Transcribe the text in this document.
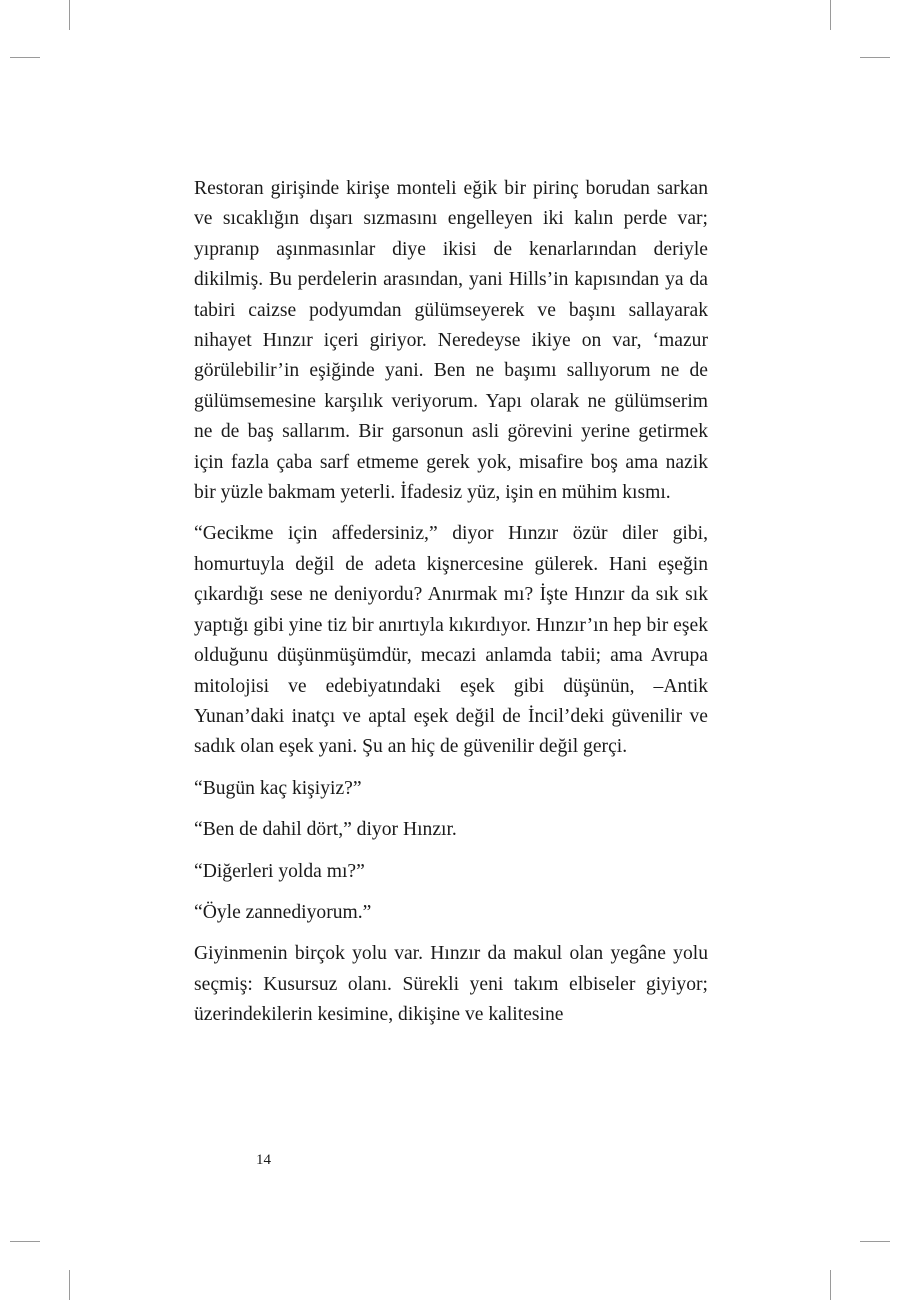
Restoran girişinde kirişe monteli eğik bir pirinç borudan sarkan ve sıcaklığın dışarı sızmasını engelleyen iki kalın perde var; yıpranıp aşınmasınlar diye ikisi de kenarlarından deriyle dikilmiş. Bu perdelerin arasından, yani Hills’in kapısından ya da tabiri caizse podyumdan gülümseyerek ve başını sallayarak nihayet Hınzır içeri giriyor. Neredeyse ikiye on var, ‘mazur görülebilir’in eşiğinde yani. Ben ne başımı sallıyorum ne de gülümsemesine karşılık veriyorum. Yapı olarak ne gülümserim ne de baş sallarım. Bir garsonun asli görevini yerine getirmek için fazla çaba sarf etmeme gerek yok, misafire boş ama nazik bir yüzle bakmam yeterli. İfadesiz yüz, işin en mühim kısmı.

“Gecikme için affedersiniz,” diyor Hınzır özür diler gibi, homurtuyla değil de adeta kişnercesine gülerek. Hani eşeğin çıkardığı sese ne deniyordu? Anırmak mı? İşte Hınzır da sık sık yaptığı gibi yine tiz bir anırtıyla kıkırdıyor. Hınzır’ın hep bir eşek olduğunu düşünmüşümdür, mecazi anlamda tabii; ama Avrupa mitolojisi ve edebiyatındaki eşek gibi düşünün, –Antik Yunan’daki inatçı ve aptal eşek değil de İncil’deki güvenilir ve sadık olan eşek yani. Şu an hiç de güvenilir değil gerçi.

“Bugün kaç kişiyiz?”

“Ben de dahil dört,” diyor Hınzır.

“Diğerleri yolda mı?”

“Öyle zannediyorum.”

Giyinmenin birçok yolu var. Hınzır da makul olan yegâne yolu seçmiş: Kusursuz olanı. Sürekli yeni takım elbiseler giyiyor; üzerindekilerin kesimine, dikişine ve kalitesine

14
